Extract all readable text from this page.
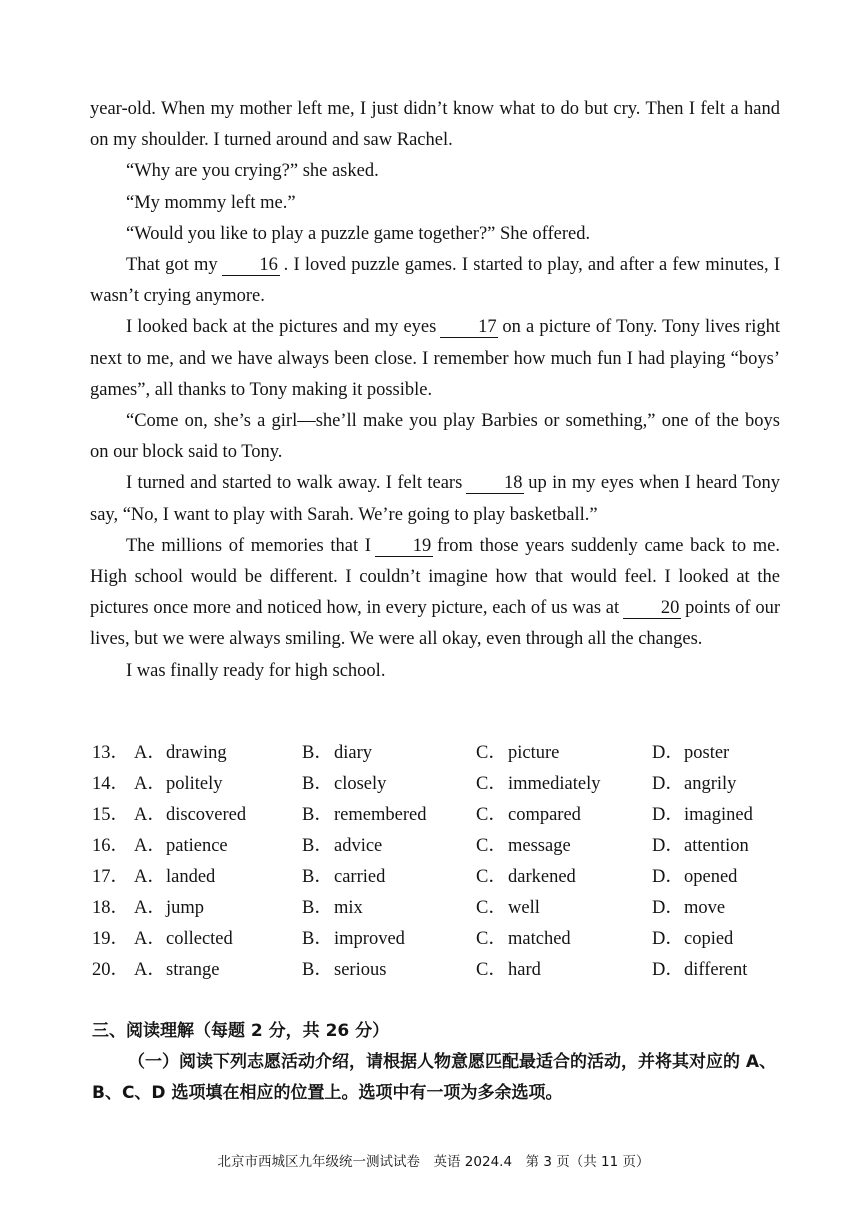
year-old. When my mother left me, I just didn’t know what to do but cry. Then I felt a hand on my shoulder. I turned around and saw Rachel.

“Why are you crying?” she asked.

“My mommy left me.”

“Would you like to play a puzzle game together?” She offered.

That got my 16 . I loved puzzle games. I started to play, and after a few minutes, I wasn’t crying anymore.

I looked back at the pictures and my eyes 17 on a picture of Tony. Tony lives right next to me, and we have always been close. I remember how much fun I had playing “boys’ games”, all thanks to Tony making it possible.

“Come on, she’s a girl—she’ll make you play Barbies or something,” one of the boys on our block said to Tony.

I turned and started to walk away. I felt tears 18 up in my eyes when I heard Tony say, “No, I want to play with Sarah. We’re going to play basketball.”

The millions of memories that I 19 from those years suddenly came back to me. High school would be different. I couldn’t imagine how that would feel. I looked at the pictures once more and noticed how, in every picture, each of us was at 20 points of our lives, but we were always smiling. We were all okay, even through all the changes.

I was finally ready for high school.

13． A．drawing	B．diary	C．picture	D．poster
14． A．politely	B．closely	C．immediately	D．angrily
15． A．discovered	B．remembered	C．compared	D．imagined
16． A．patience	B．advice	C．message	D．attention
17． A．landed	B．carried	C．darkened	D．opened
18． A．jump	B．mix	C．well	D．move
19． A．collected	B．improved	C．matched	D．copied
20． A．strange	B．serious	C．hard	D．different

三、阅读理解（每题 2 分，共 26 分）

（一）阅读下列志愿活动介绍，请根据人物意愿匹配最适合的活动，并将其对应的 A、B、C、D 选项填在相应的位置上。选项中有一项为多余选项。

北京市西城区九年级统一测试试卷　英语 2024.4　第 3 页（共 11 页）
